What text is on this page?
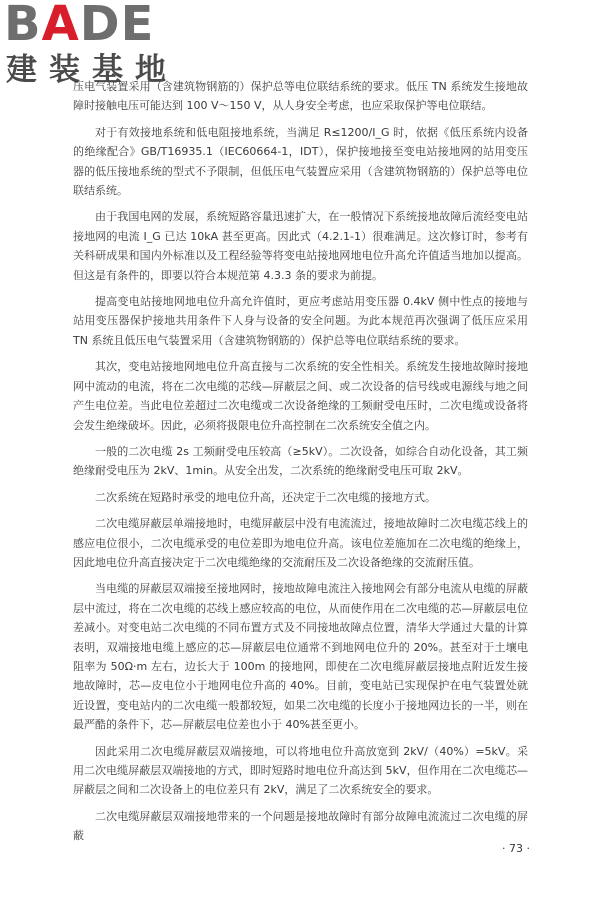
BADE
建装基地

压电气装置采用（含建筑物钢筋的）保护总等电位联结系统的要求。低压 TN 系统发生接地故障时接触电压可能达到 100 V～150 V，从人身安全考虑，也应采取保护等电位联结。

对于有效接地系统和低电阻接地系统，当满足 R≤1200/I_G 时，依据《低压系统内设备的绝缘配合》GB/T16935.1（IEC60664-1，IDT），保护接地接至变电站接地网的站用变压器的低压接地系统的型式不予限制，但低压电气装置应采用（含建筑物钢筋的）保护总等电位联结系统。

由于我国电网的发展，系统短路容量迅速扩大，在一般情况下系统接地故障后流经变电站接地网的电流 I_G 已达 10kA 甚至更高。因此式（4.2.1-1）很难满足。这次修订时，参考有关科研成果和国内外标准以及工程经验等将变电站接地网地电位升高允许值适当地加以提高。但这是有条件的，即要以符合本规范第 4.3.3 条的要求为前提。

提高变电站接地网地电位升高允许值时，更应考虑站用变压器 0.4kV 侧中性点的接地与站用变压器保护接地共用条件下人身与设备的安全问题。为此本规范再次强调了低压应采用 TN 系统且低压电气装置采用（含建筑物钢筋的）保护总等电位联结系统的要求。

其次，变电站接地网地电位升高直接与二次系统的安全性相关。系统发生接地故障时接地网中流动的电流，将在二次电缆的芯线—屏蔽层之间、或二次设备的信号线或电源线与地之间产生电位差。当此电位差超过二次电缆或二次设备绝缘的工频耐受电压时，二次电缆或设备将会发生绝缘破坏。因此，必须将扱限电位升高控制在二次系统安全值之内。

一般的二次电缆 2s 工频耐受电压较高（≥5kV）。二次设备，如综合自动化设备，其工频绝缘耐受电压为 2kV、1min。从安全出发，二次系统的绝缘耐受电压可取 2kV。

二次系统在短路时承受的地电位升高，还决定于二次电缆的接地方式。

二次电缆屏蔽层单端接地时，电缆屏蔽层中没有电流流过，接地故障时二次电缆芯线上的感应电位很小，二次电缆承受的电位差即为地电位升高。该电位差施加在二次电缆的绝缘上，因此地电位升高直接决定于二次电缆绝缘的交流耐压及二次设备绝缘的交流耐压值。

当电缆的屏蔽层双端接至接地网时，接地故障电流注入接地网会有部分电流从电缆的屏蔽层中流过，将在二次电缆的芯线上感应较高的电位，从而使作用在二次电缆的芯—屏蔽层电位差减小。对变电站二次电缆的不同布置方式及不同接地故障点位置，清华大学通过大量的计算表明，双端接地电缆上感应的芯—屏蔽层电位通常不到地网电位升的 20%。甚至对于土壤电阻率为 50Ω·m 左右，边长大于 100m 的接地网，即使在二次电缆屏蔽层接地点附近发生接地故障时，芯—皮电位小于地网电位升高的 40%。目前，变电站已实现保护在电气装置处就近设置，变电站内的二次电缆一般都较短，如果二次电缆的长度小于接地网边长的一半，则在最严酷的条件下，芯—屏蔽层电位差也小于 40%甚至更小。

因此采用二次电缆屏蔽层双端接地，可以将地电位升高放宽到 2kV/（40%）=5kV。采用二次电缆屏蔽层双端接地的方式，即时短路时地电位升高达到 5kV，但作用在二次电缆芯—屏蔽层之间和二次设备上的电位差只有 2kV，满足了二次系统安全的要求。

二次电缆屏蔽层双端接地带来的一个问题是接地故障时有部分故障电流流过二次电缆的屏蔽

· 73 ·
